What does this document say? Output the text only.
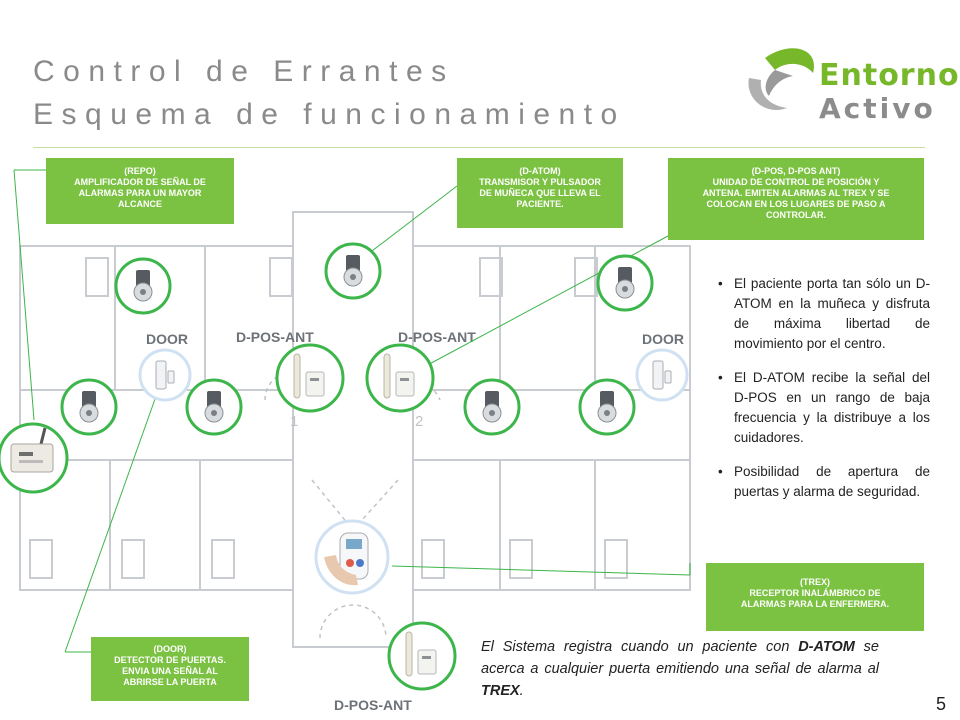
Control de Errantes
Esquema de funcionamiento
Entorno
Activo
1	2
DOOR	DOOR
D-POS-ANT	D-POS-ANT
D-POS-ANT
(REPO)
AMPLIFICADOR DE SEÑAL DE
ALARMAS PARA UN MAYOR
ALCANCE
(D-ATOM)
TRANSMISOR Y PULSADOR
DE MUÑECA QUE LLEVA EL
PACIENTE.
(D-POS, D-POS ANT)
UNIDAD DE CONTROL DE POSICIÓN Y
ANTENA. EMITEN ALARMAS AL TREX Y SE
COLOCAN EN LOS LUGARES DE PASO A
CONTROLAR.
(TREX)
RECEPTOR INALÁMBRICO DE
ALARMAS PARA LA ENFERMERA.
(DOOR)
DETECTOR DE PUERTAS.
ENVIA UNA SEÑAL AL
ABRIRSE LA PUERTA
• El paciente porta tan sólo un D-ATOM en la muñeca y disfruta de máxima libertad de movimiento por el centro.
• El D-ATOM recibe la señal del D-POS en un rango de baja frecuencia y la distribuye a los cuidadores.
• Posibilidad de apertura de puertas y alarma de seguridad.
El Sistema registra cuando un paciente con D-ATOM se acerca a cualquier puerta emitiendo una señal de alarma al TREX.
5
